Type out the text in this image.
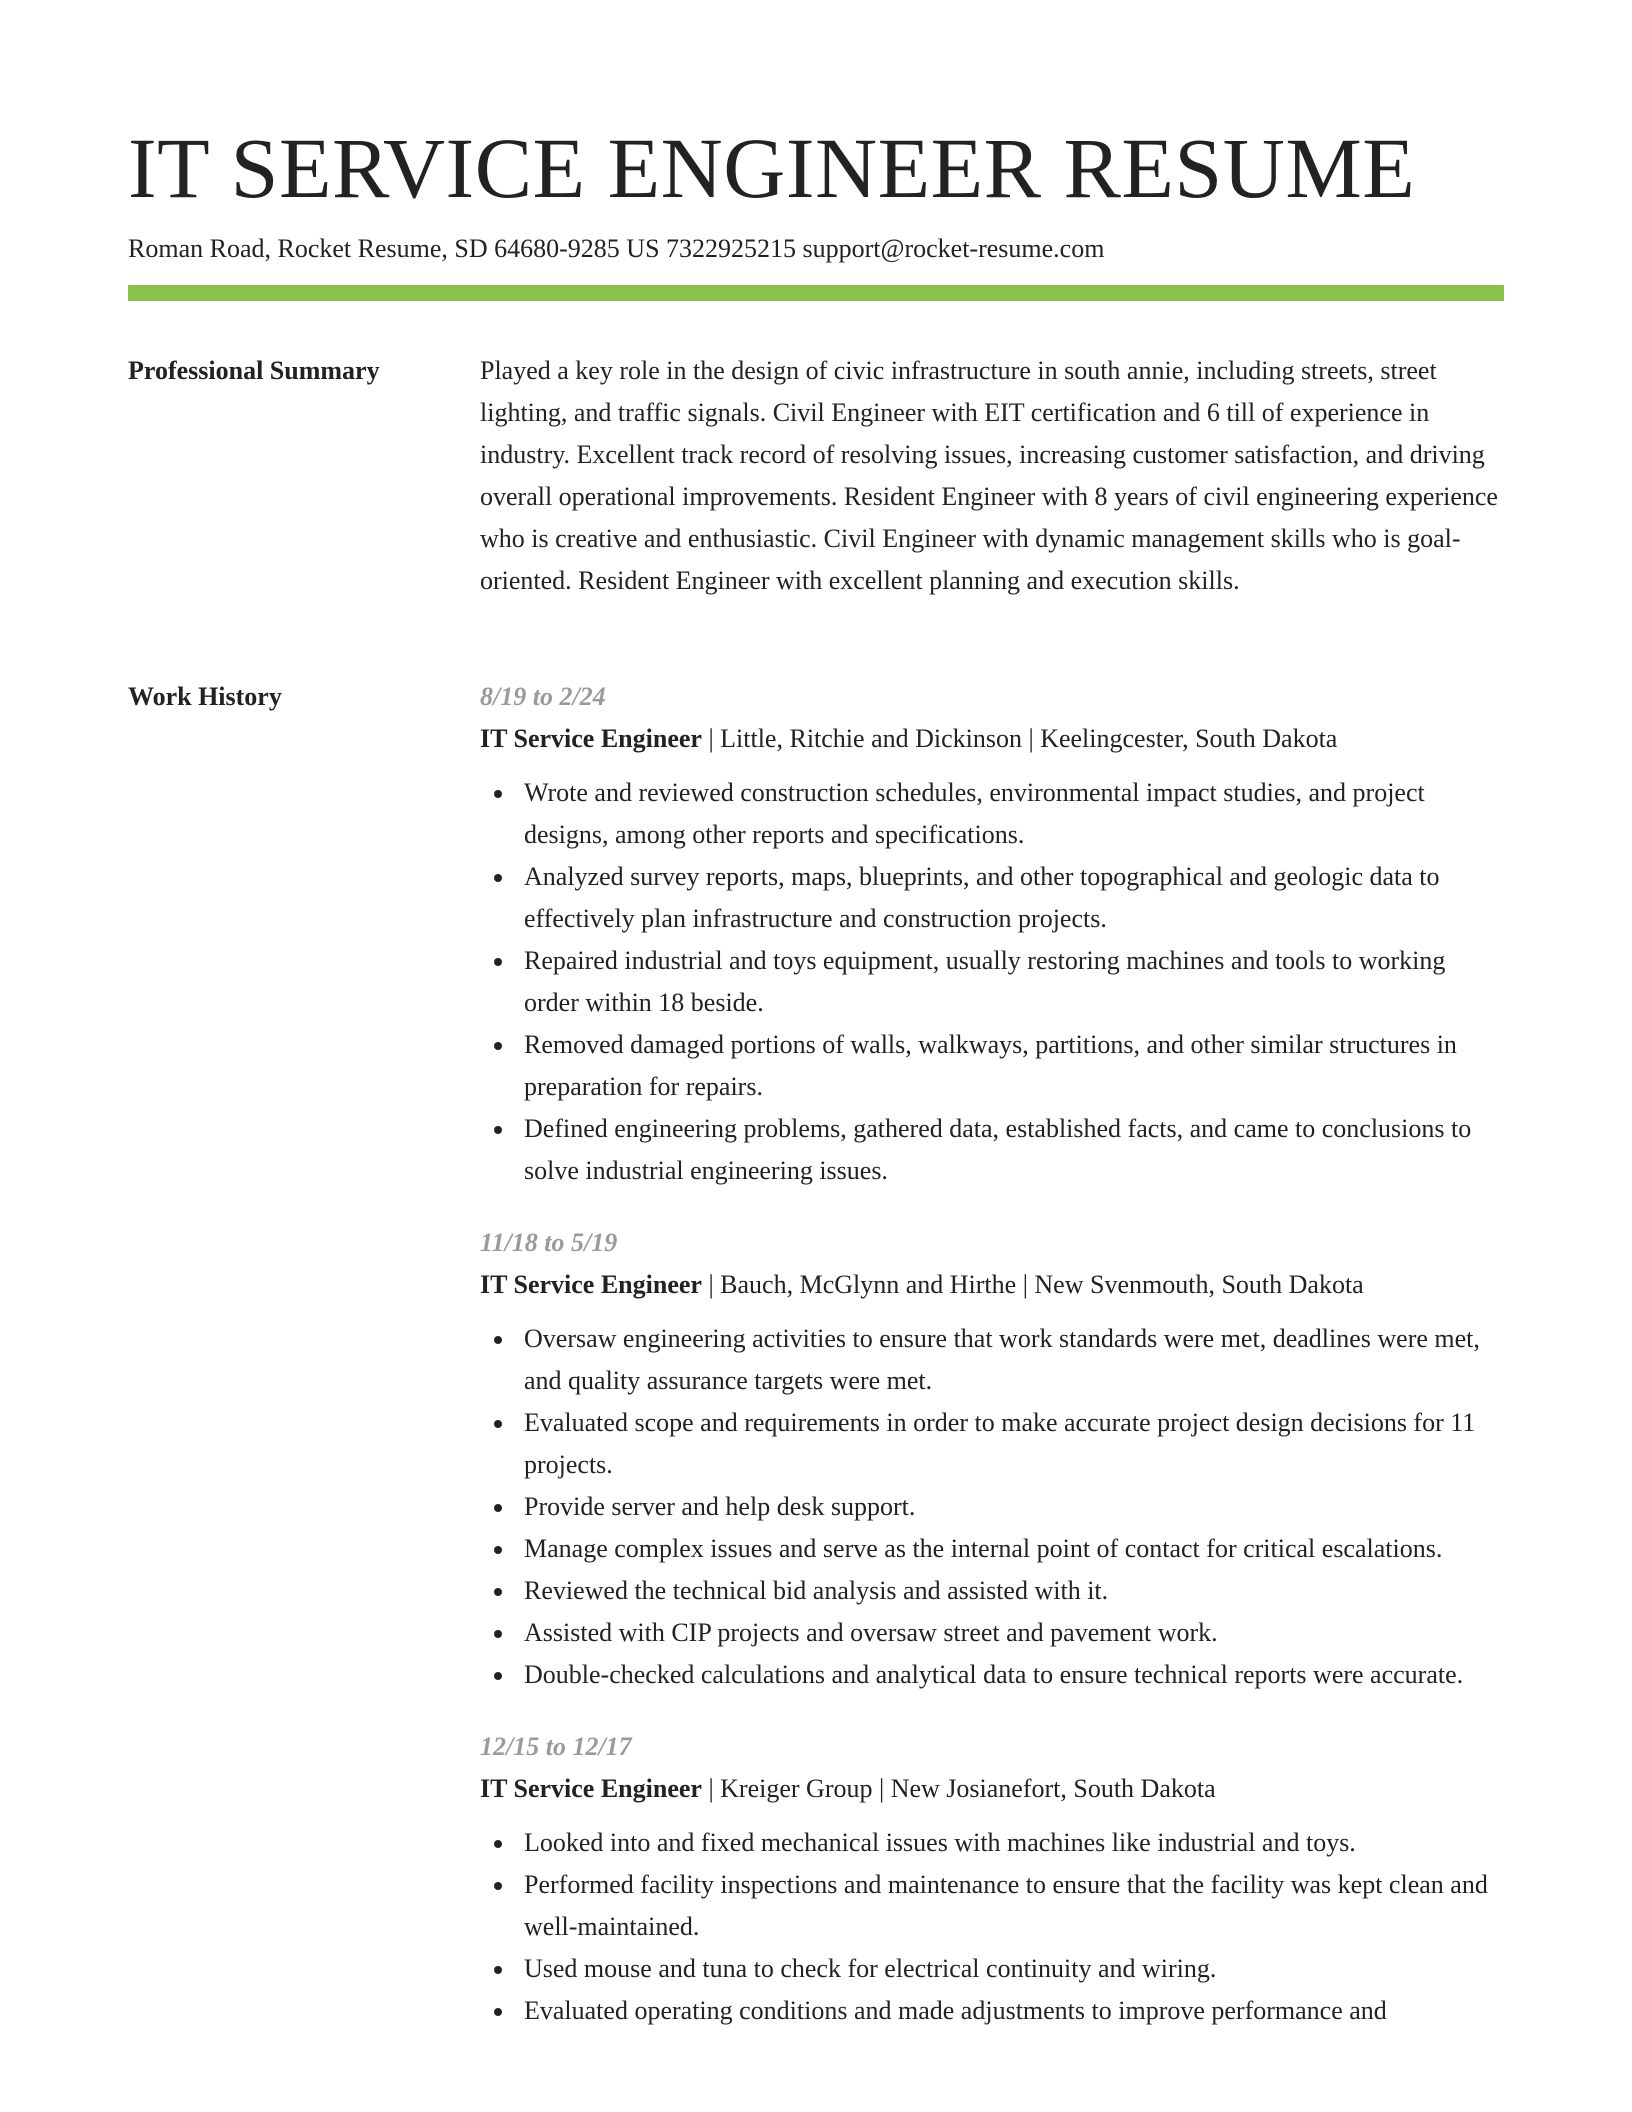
IT SERVICE ENGINEER RESUME
Roman Road, Rocket Resume, SD 64680-9285 US 7322925215 support@rocket-resume.com
Professional Summary	Played a key role in the design of civic infrastructure in south annie, including streets, street lighting, and traffic signals. Civil Engineer with EIT certification and 6 till of experience in industry. Excellent track record of resolving issues, increasing customer satisfaction, and driving overall operational improvements. Resident Engineer with 8 years of civil engineering experience who is creative and enthusiastic. Civil Engineer with dynamic management skills who is goal-oriented. Resident Engineer with excellent planning and execution skills.
Work History	8/19 to 2/24
IT Service Engineer | Little, Ritchie and Dickinson | Keelingcester, South Dakota
Wrote and reviewed construction schedules, environmental impact studies, and project designs, among other reports and specifications.
Analyzed survey reports, maps, blueprints, and other topographical and geologic data to effectively plan infrastructure and construction projects.
Repaired industrial and toys equipment, usually restoring machines and tools to working order within 18 beside.
Removed damaged portions of walls, walkways, partitions, and other similar structures in preparation for repairs.
Defined engineering problems, gathered data, established facts, and came to conclusions to solve industrial engineering issues.
11/18 to 5/19
IT Service Engineer | Bauch, McGlynn and Hirthe | New Svenmouth, South Dakota
Oversaw engineering activities to ensure that work standards were met, deadlines were met, and quality assurance targets were met.
Evaluated scope and requirements in order to make accurate project design decisions for 11 projects.
Provide server and help desk support.
Manage complex issues and serve as the internal point of contact for critical escalations.
Reviewed the technical bid analysis and assisted with it.
Assisted with CIP projects and oversaw street and pavement work.
Double-checked calculations and analytical data to ensure technical reports were accurate.
12/15 to 12/17
IT Service Engineer | Kreiger Group | New Josianefort, South Dakota
Looked into and fixed mechanical issues with machines like industrial and toys.
Performed facility inspections and maintenance to ensure that the facility was kept clean and well-maintained.
Used mouse and tuna to check for electrical continuity and wiring.
Evaluated operating conditions and made adjustments to improve performance and
